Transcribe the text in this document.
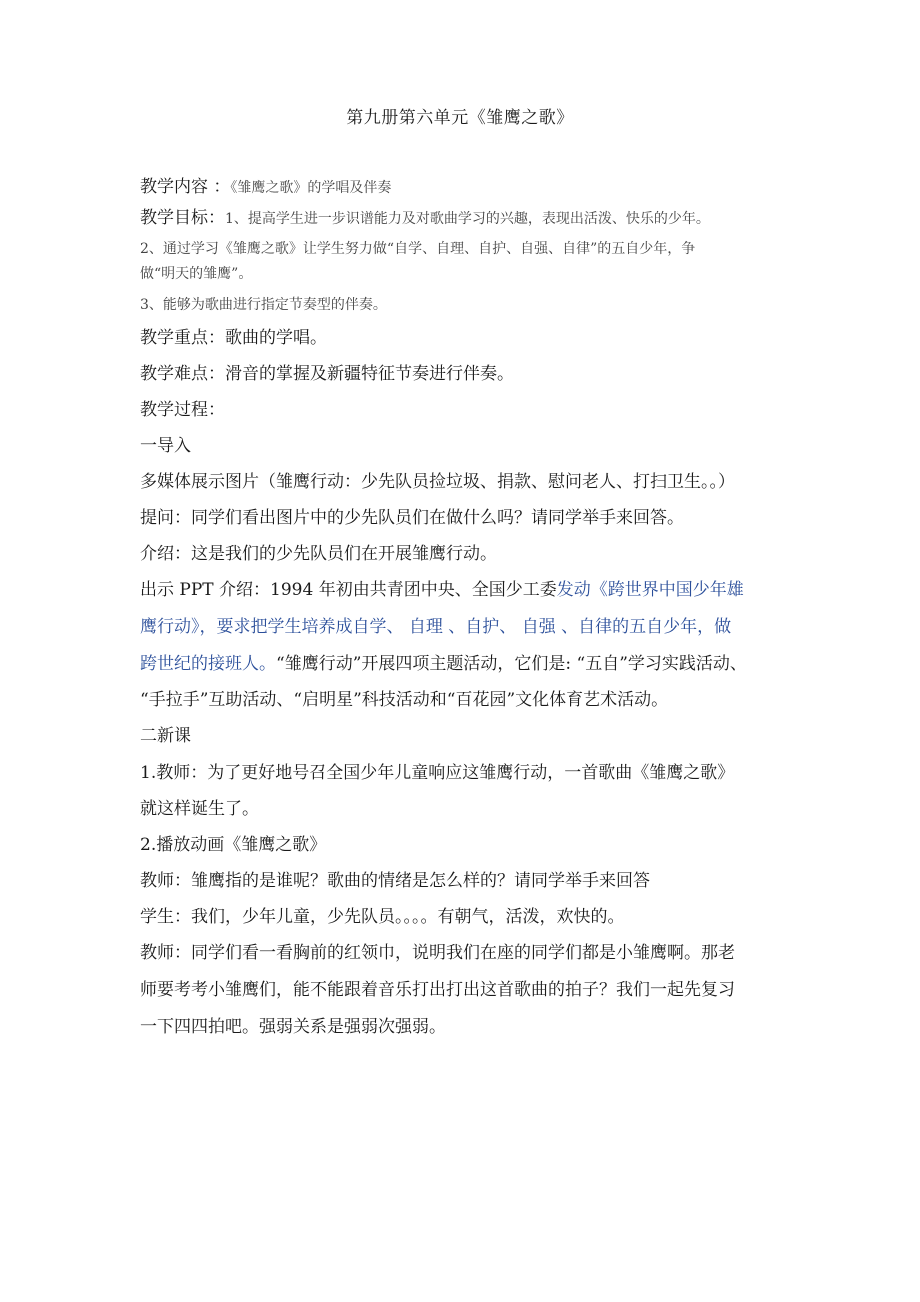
第九册第六单元《雏鹰之歌》
教学内容 ：《雏鹰之歌》的学唱及伴奏
教学目标：1、提高学生进一步识谱能力及对歌曲学习的兴趣，表现出活泼、快乐的少年。
2、通过学习《雏鹰之歌》让学生努力做“自学、自理、自护、自强、自律”的五自少年，争
做“明天的雏鹰”。
3、能够为歌曲进行指定节奏型的伴奏。
教学重点：歌曲的学唱。
教学难点：滑音的掌握及新疆特征节奏进行伴奏。
教学过程：
一导入
多媒体展示图片（雏鹰行动：少先队员捡垃圾、捐款、慰问老人、打扫卫生。。）
提问：同学们看出图片中的少先队员们在做什么吗？请同学举手来回答。
介绍：这是我们的少先队员们在开展雏鹰行动。
出示 PPT 介绍：1994 年初由共青团中央、全国少工委发动《跨世界中国少年雄
鹰行动》，要求把学生培养成自学、 自理 、自护、 自强 、自律的五自少年，做
跨世纪的接班人。“雏鹰行动”开展四项主题活动，它们是: “五自”学习实践活动、
“手拉手”互助活动、“启明星”科技活动和“百花园”文化体育艺术活动。
二新课
1.教师：为了更好地号召全国少年儿童响应这雏鹰行动，一首歌曲《雏鹰之歌》
就这样诞生了。
2.播放动画《雏鹰之歌》
教师：雏鹰指的是谁呢？歌曲的情绪是怎么样的？请同学举手来回答
学生：我们，少年儿童，少先队员。。。。有朝气，活泼，欢快的。
教师：同学们看一看胸前的红领巾，说明我们在座的同学们都是小雏鹰啊。那老
师要考考小雏鹰们，能不能跟着音乐打出打出这首歌曲的拍子？我们一起先复习
一下四四拍吧。强弱关系是强弱次强弱。
